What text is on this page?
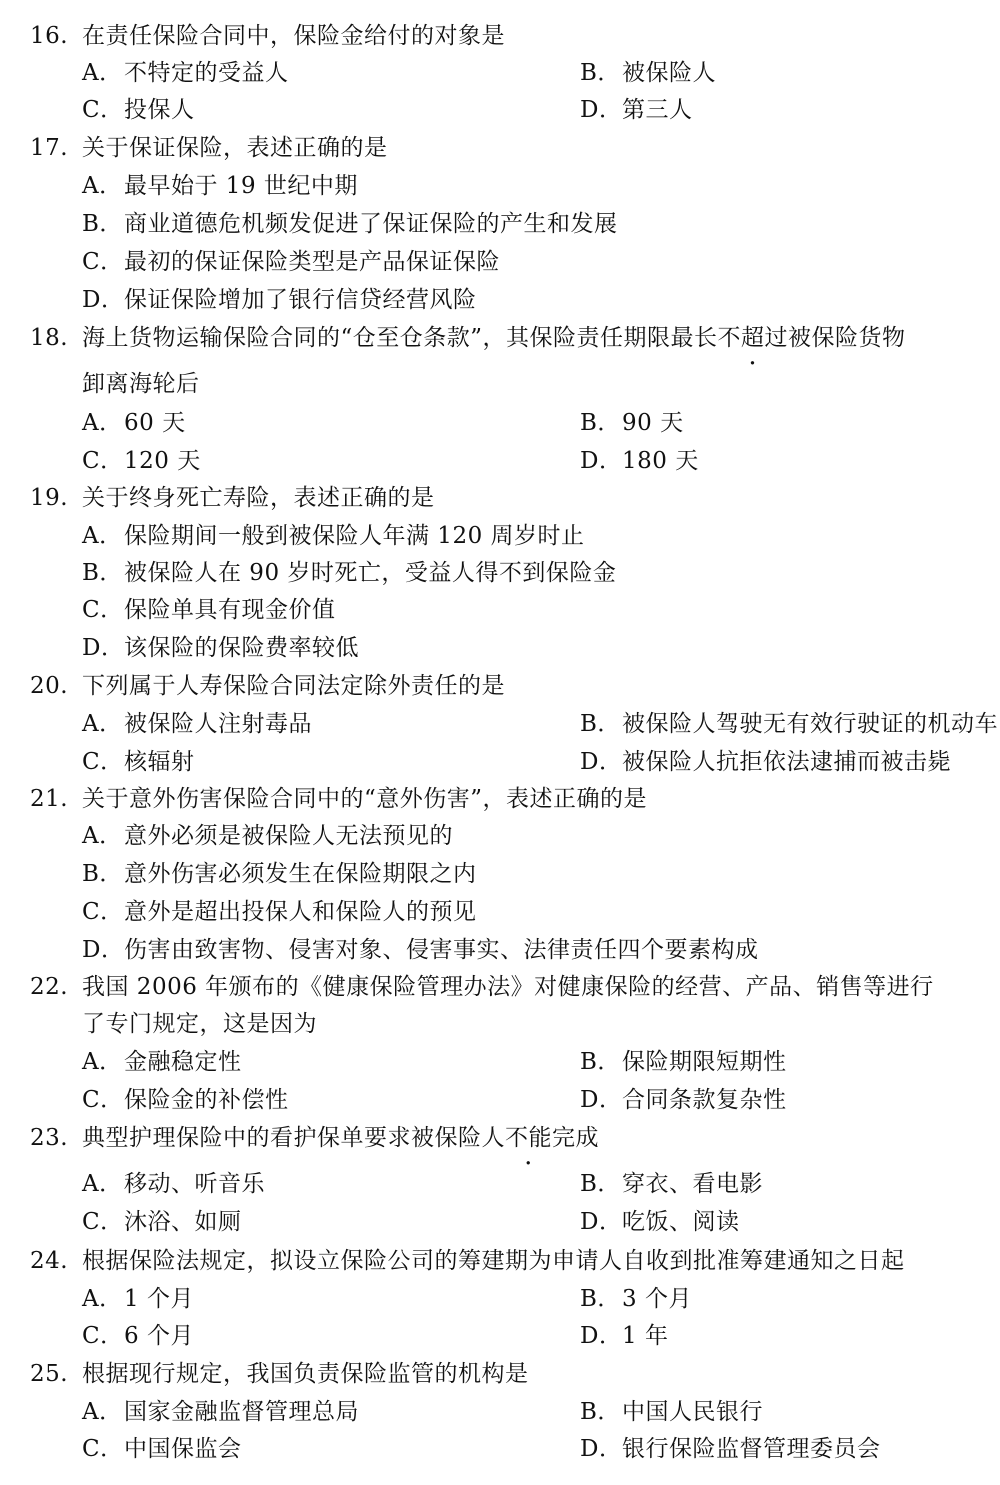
16. 在责任保险合同中，保险金给付的对象是
A．不特定的受益人	B．被保险人
C．投保人	D．第三人
17. 关于保证保险，表述正确的是
A．最早始于 19 世纪中期
B．商业道德危机频发促进了保证保险的产生和发展
C．最初的保证保险类型是产品保证保险
D．保证保险增加了银行信贷经营风险
18. 海上货物运输保险合同的“仓至仓条款”，其保险责任期限最长不超过被保险货物
卸离海轮后
A．60 天	B．90 天
C．120 天	D．180 天
19. 关于终身死亡寿险，表述正确的是
A．保险期间一般到被保险人年满 120 周岁时止
B．被保险人在 90 岁时死亡，受益人得不到保险金
C．保险单具有现金价值
D．该保险的保险费率较低
20. 下列属于人寿保险合同法定除外责任的是
A．被保险人注射毒品	B．被保险人驾驶无有效行驶证的机动车
C．核辐射	D．被保险人抗拒依法逮捕而被击毙
21. 关于意外伤害保险合同中的“意外伤害”，表述正确的是
A．意外必须是被保险人无法预见的
B．意外伤害必须发生在保险期限之内
C．意外是超出投保人和保险人的预见
D．伤害由致害物、侵害对象、侵害事实、法律责任四个要素构成
22. 我国 2006 年颁布的《健康保险管理办法》对健康保险的经营、产品、销售等进行
了专门规定，这是因为
A．金融稳定性	B．保险期限短期性
C．保险金的补偿性	D．合同条款复杂性
23. 典型护理保险中的看护保单要求被保险人不能完成
A．移动、听音乐	B．穿衣、看电影
C．沐浴、如厕	D．吃饭、阅读
24. 根据保险法规定，拟设立保险公司的筹建期为申请人自收到批准筹建通知之日起
A．1 个月	B．3 个月
C．6 个月	D．1 年
25. 根据现行规定，我国负责保险监管的机构是
A．国家金融监督管理总局	B．中国人民银行
C．中国保监会	D．银行保险监督管理委员会
